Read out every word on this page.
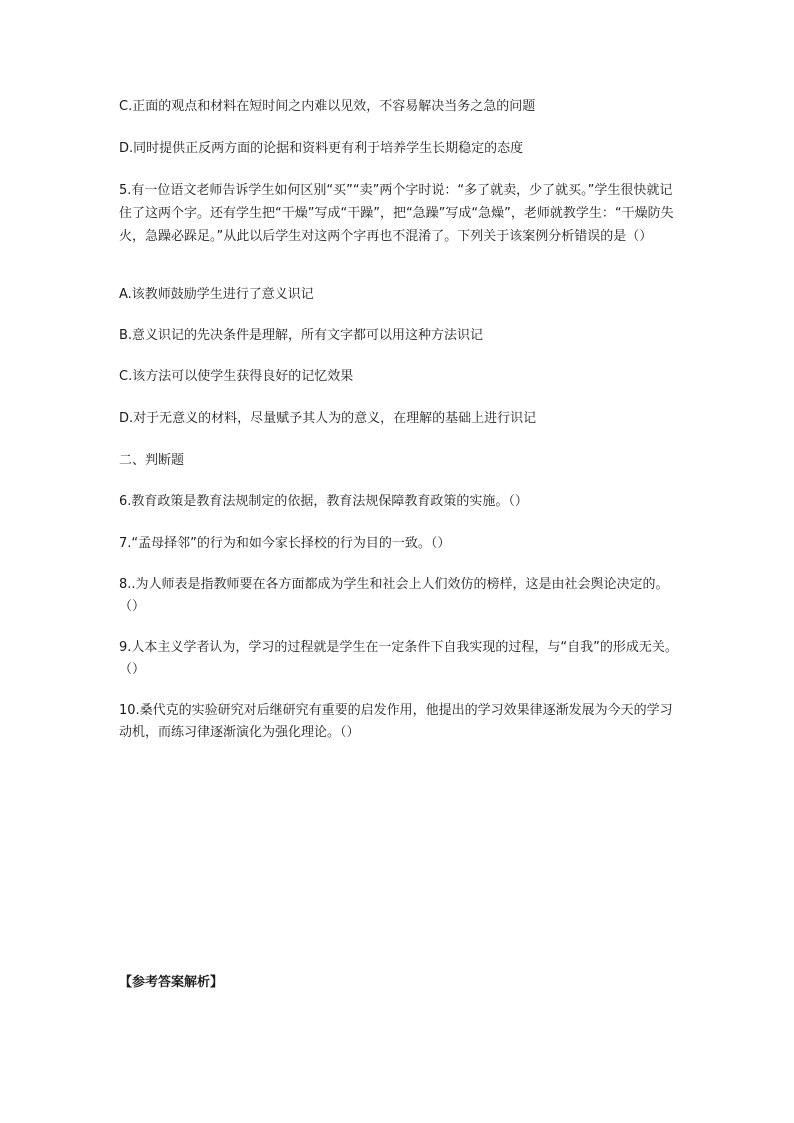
C.正面的观点和材料在短时间之内难以见效，不容易解决当务之急的问题

D.同时提供正反两方面的论据和资料更有利于培养学生长期稳定的态度

5.有一位语文老师告诉学生如何区别“买”“卖”两个字时说：“多了就卖，少了就买。”学生很快就记住了这两个字。还有学生把“干燥”写成“干躁”，把“急躁”写成“急燥”，老师就教学生：“干燥防失火，急躁必跺足。”从此以后学生对这两个字再也不混淆了。下列关于该案例分析错误的是（）

A.该教师鼓励学生进行了意义识记

B.意义识记的先决条件是理解，所有文字都可以用这种方法识记

C.该方法可以使学生获得良好的记忆效果

D.对于无意义的材料，尽量赋予其人为的意义，在理解的基础上进行识记

二、判断题

6.教育政策是教育法规制定的依据，教育法规保障教育政策的实施。（）

7.“孟母择邻”的行为和如今家长择校的行为目的一致。（）

8..为人师表是指教师要在各方面都成为学生和社会上人们效仿的榜样，这是由社会舆论决定的。（）

9.人本主义学者认为，学习的过程就是学生在一定条件下自我实现的过程，与“自我”的形成无关。（）

10.桑代克的实验研究对后继研究有重要的启发作用，他提出的学习效果律逐渐发展为今天的学习动机，而练习律逐渐演化为强化理论。（）

【参考答案解析】
